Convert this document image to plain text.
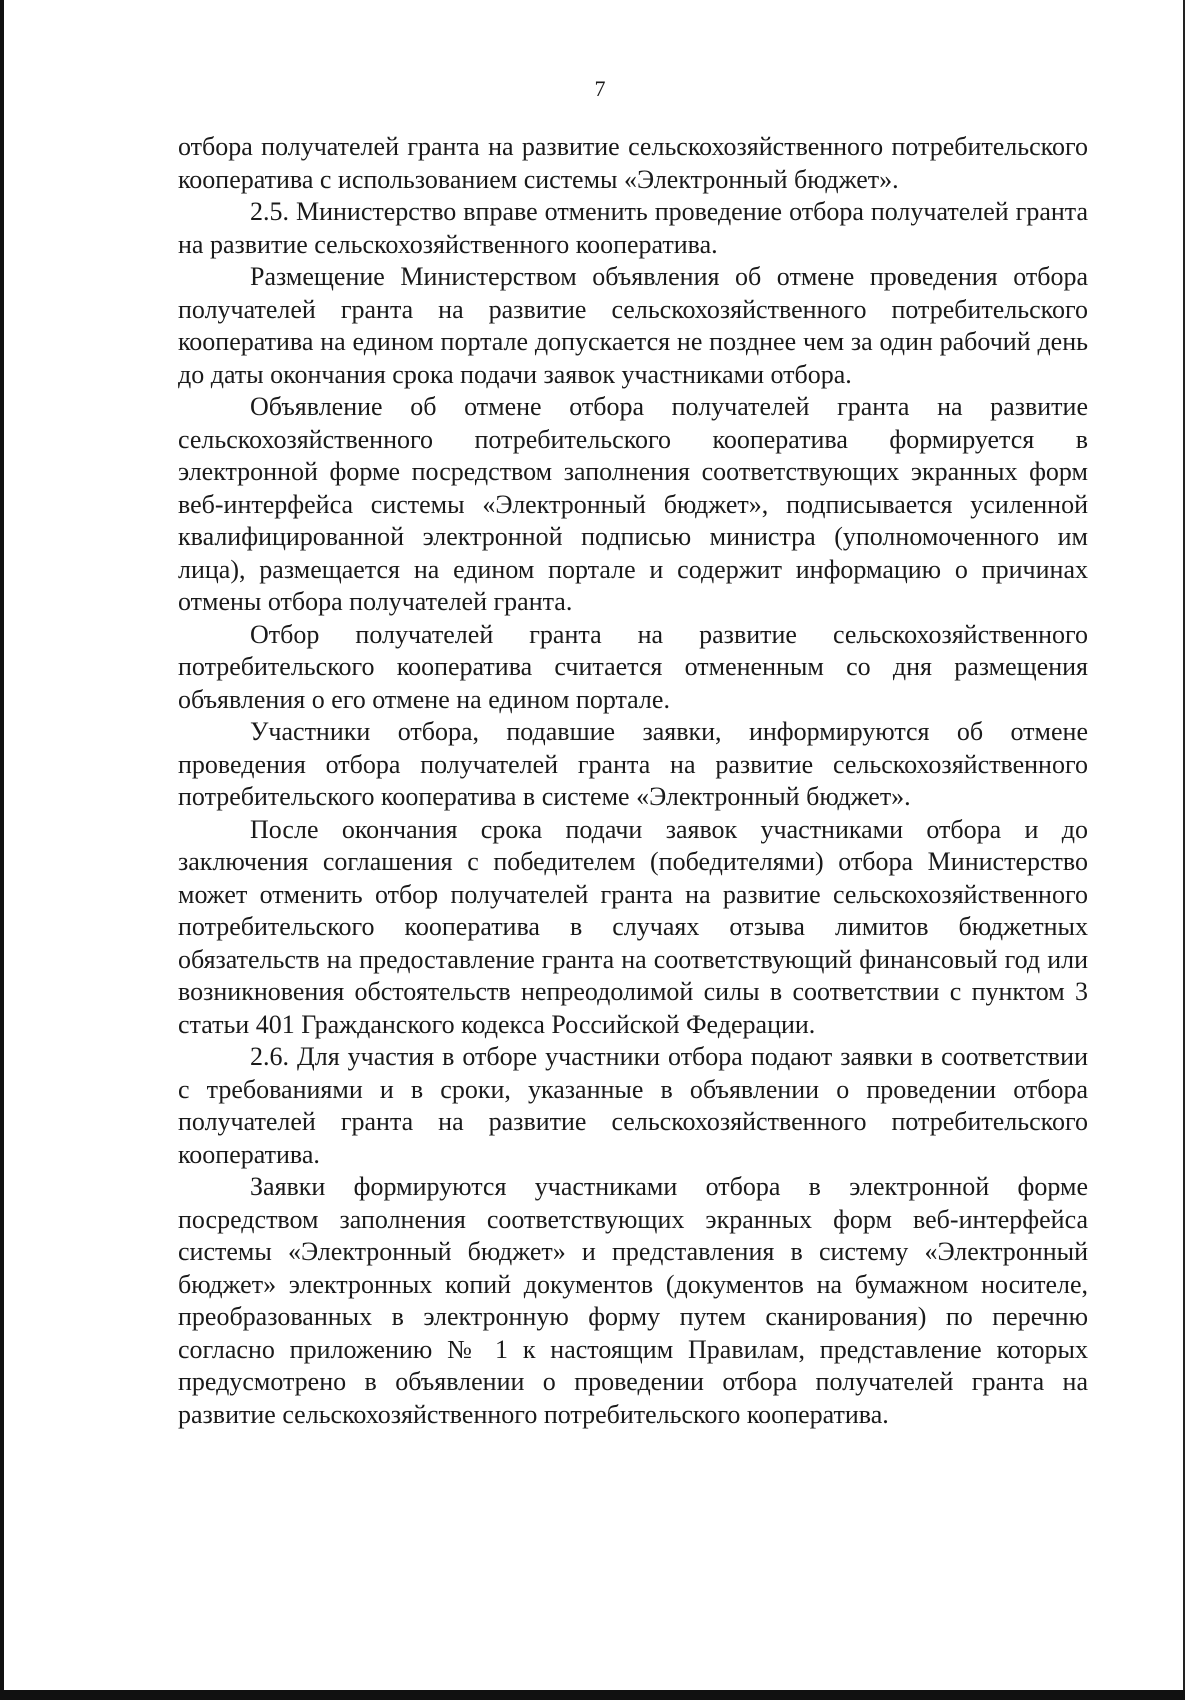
7

отбора получателей гранта на развитие сельскохозяйственного потребительского кооператива с использованием системы «Электронный бюджет».

2.5. Министерство вправе отменить проведение отбора получателей гранта на развитие сельскохозяйственного кооператива.

Размещение Министерством объявления об отмене проведения отбора получателей гранта на развитие сельскохозяйственного потребительского кооператива на едином портале допускается не позднее чем за один рабочий день до даты окончания срока подачи заявок участниками отбора.

Объявление об отмене отбора получателей гранта на развитие сельскохозяйственного потребительского кооператива формируется в электронной форме посредством заполнения соответствующих экранных форм веб-интерфейса системы «Электронный бюджет», подписывается усиленной квалифицированной электронной подписью министра (уполномоченного им лица), размещается на едином портале и содержит информацию о причинах отмены отбора получателей гранта.

Отбор получателей гранта на развитие сельскохозяйственного потребительского кооператива считается отмененным со дня размещения объявления о его отмене на едином портале.

Участники отбора, подавшие заявки, информируются об отмене проведения отбора получателей гранта на развитие сельскохозяйственного потребительского кооператива в системе «Электронный бюджет».

После окончания срока подачи заявок участниками отбора и до заключения соглашения с победителем (победителями) отбора Министерство может отменить отбор получателей гранта на развитие сельскохозяйственного потребительского кооператива в случаях отзыва лимитов бюджетных обязательств на предоставление гранта на соответствующий финансовый год или возникновения обстоятельств непреодолимой силы в соответствии с пунктом 3 статьи 401 Гражданского кодекса Российской Федерации.

2.6. Для участия в отборе участники отбора подают заявки в соответствии с требованиями и в сроки, указанные в объявлении о проведении отбора получателей гранта на развитие сельскохозяйственного потребительского кооператива.

Заявки формируются участниками отбора в электронной форме посредством заполнения соответствующих экранных форм веб-интерфейса системы «Электронный бюджет» и представления в систему «Электронный бюджет» электронных копий документов (документов на бумажном носителе, преобразованных в электронную форму путем сканирования) по перечню согласно приложению № 1 к настоящим Правилам, представление которых предусмотрено в объявлении о проведении отбора получателей гранта на развитие сельскохозяйственного потребительского кооператива.
